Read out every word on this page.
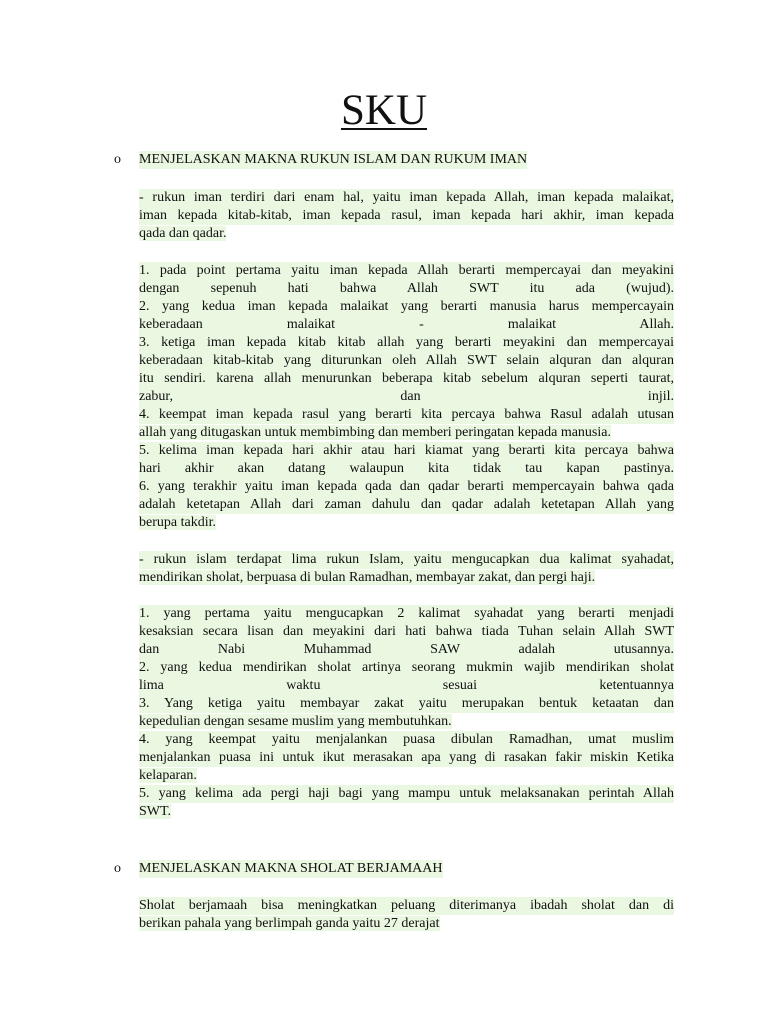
SKU
o MENJELASKAN MAKNA RUKUN ISLAM DAN RUKUM IMAN
- rukun iman terdiri dari enam hal, yaitu iman kepada Allah, iman kepada malaikat,
iman kepada kitab-kitab, iman kepada rasul, iman kepada hari akhir, iman kepada
qada dan qadar.
1. pada point pertama yaitu iman kepada Allah berarti mempercayai dan meyakini
dengan sepenuh hati bahwa Allah SWT itu ada (wujud).
2. yang kedua iman kepada malaikat yang berarti manusia harus mempercayain
keberadaan malaikat - malaikat Allah.
3. ketiga iman kepada kitab kitab allah yang berarti meyakini dan mempercayai
keberadaan kitab-kitab yang diturunkan oleh Allah SWT selain alquran dan alquran
itu sendiri. karena allah menurunkan beberapa kitab sebelum alquran seperti taurat,
zabur, dan injil.
4. keempat iman kepada rasul yang berarti kita percaya bahwa Rasul adalah utusan
allah yang ditugaskan untuk membimbing dan memberi peringatan kepada manusia.
5. kelima iman kepada hari akhir atau hari kiamat yang berarti kita percaya bahwa
hari akhir akan datang walaupun kita tidak tau kapan pastinya.
6. yang terakhir yaitu iman kepada qada dan qadar berarti mempercayain bahwa qada
adalah ketetapan Allah dari zaman dahulu dan qadar adalah ketetapan Allah yang
berupa takdir.
- rukun islam terdapat lima rukun Islam, yaitu mengucapkan dua kalimat syahadat,
mendirikan sholat, berpuasa di bulan Ramadhan, membayar zakat, dan pergi haji.
1. yang pertama yaitu mengucapkan 2 kalimat syahadat yang berarti menjadi
kesaksian secara lisan dan meyakini dari hati bahwa tiada Tuhan selain Allah SWT
dan Nabi Muhammad SAW adalah utusannya.
2. yang kedua mendirikan sholat artinya seorang mukmin wajib mendirikan sholat
lima waktu sesuai ketentuannya
3. Yang ketiga yaitu membayar zakat yaitu merupakan bentuk ketaatan dan
kepedulian dengan sesame muslim yang membutuhkan.
4. yang keempat yaitu menjalankan puasa dibulan Ramadhan, umat muslim
menjalankan puasa ini untuk ikut merasakan apa yang di rasakan fakir miskin Ketika
kelaparan.
5. yang kelima ada pergi haji bagi yang mampu untuk melaksanakan perintah Allah
SWT.
o MENJELASKAN MAKNA SHOLAT BERJAMAAH
Sholat berjamaah bisa meningkatkan peluang diterimanya ibadah sholat dan di
berikan pahala yang berlimpah ganda yaitu 27 derajat
